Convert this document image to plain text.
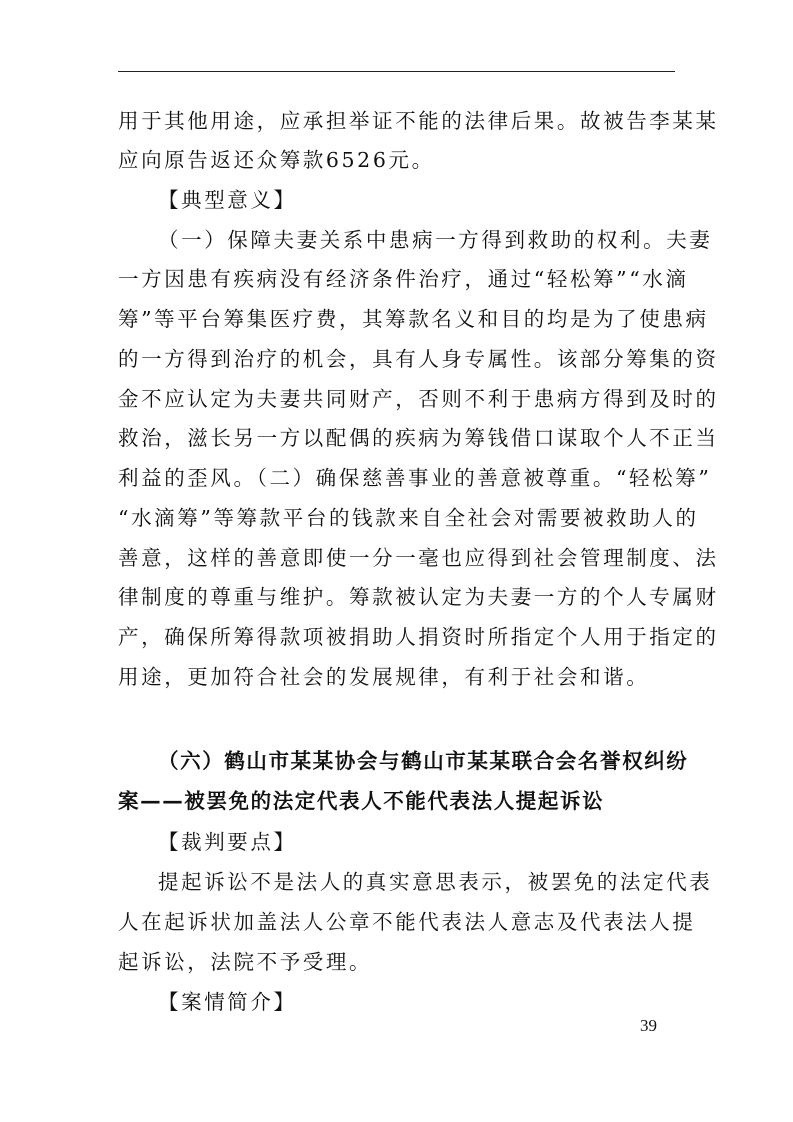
用于其他用途，应承担举证不能的法律后果。故被告李某某
应向原告返还众筹款6526元。
【典型意义】
（一）保障夫妻关系中患病一方得到救助的权利。夫妻
一方因患有疾病没有经济条件治疗，通过“轻松筹”“水滴
筹”等平台筹集医疗费，其筹款名义和目的均是为了使患病
的一方得到治疗的机会，具有人身专属性。该部分筹集的资
金不应认定为夫妻共同财产，否则不利于患病方得到及时的
救治，滋长另一方以配偶的疾病为筹钱借口谋取个人不正当
利益的歪风。（二）确保慈善事业的善意被尊重。“轻松筹”
“水滴筹”等筹款平台的钱款来自全社会对需要被救助人的
善意，这样的善意即使一分一毫也应得到社会管理制度、法
律制度的尊重与维护。筹款被认定为夫妻一方的个人专属财
产，确保所筹得款项被捐助人捐资时所指定个人用于指定的
用途，更加符合社会的发展规律，有利于社会和谐。
（六）鹤山市某某协会与鹤山市某某联合会名誉权纠纷
案——被罢免的法定代表人不能代表法人提起诉讼
【裁判要点】
提起诉讼不是法人的真实意思表示，被罢免的法定代表
人在起诉状加盖法人公章不能代表法人意志及代表法人提
起诉讼，法院不予受理。
【案情简介】
39
